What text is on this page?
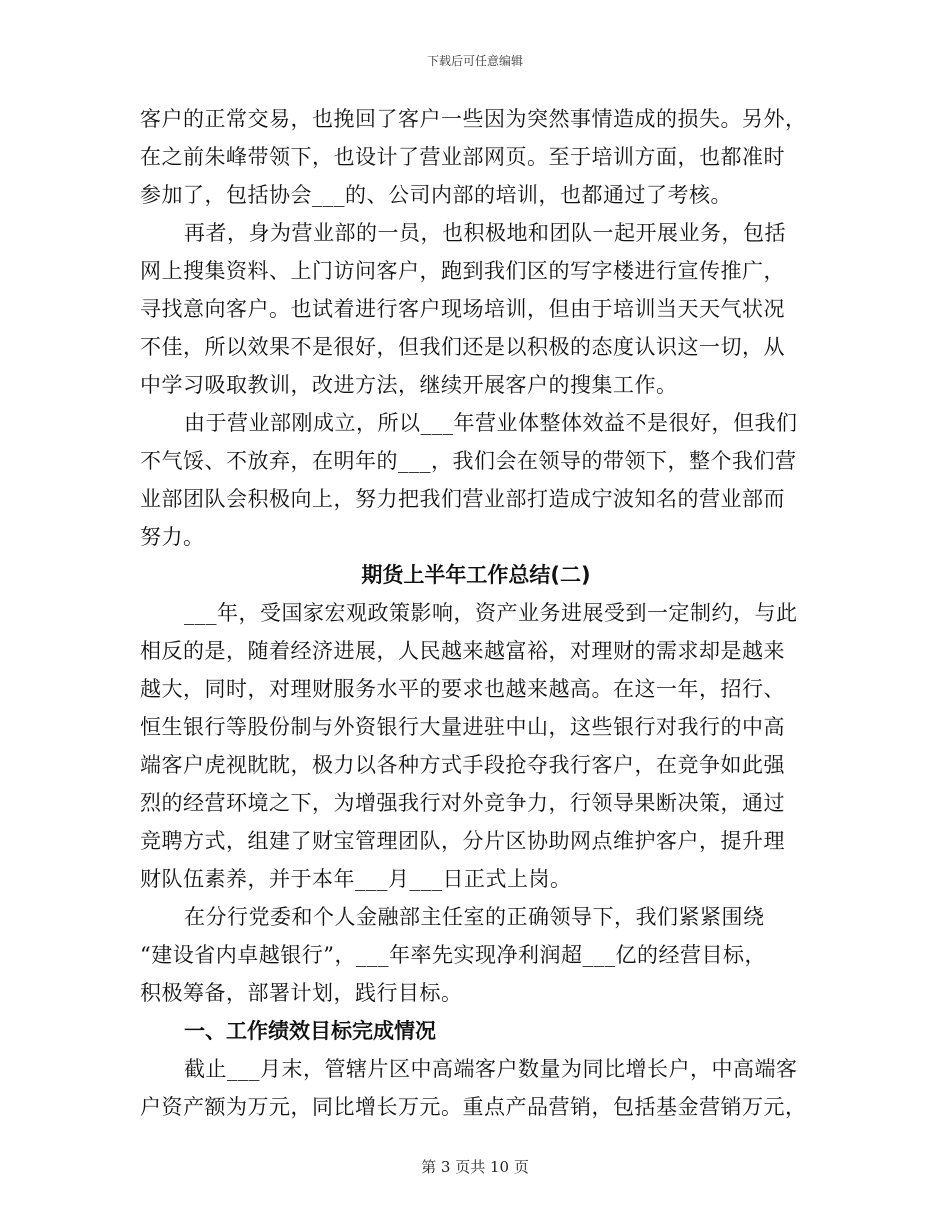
下载后可任意编辑
客户的正常交易，也挽回了客户一些因为突然事情造成的损失。另外，
在之前朱峰带领下，也设计了营业部网页。至于培训方面，也都准时
参加了，包括协会___的、公司内部的培训，也都通过了考核。
再者，身为营业部的一员，也积极地和团队一起开展业务，包括
网上搜集资料、上门访问客户，跑到我们区的写字楼进行宣传推广，
寻找意向客户。也试着进行客户现场培训，但由于培训当天天气状况
不佳，所以效果不是很好，但我们还是以积极的态度认识这一切，从
中学习吸取教训，改进方法，继续开展客户的搜集工作。
由于营业部刚成立，所以___年营业体整体效益不是很好，但我们
不气馁、不放弃，在明年的___，我们会在领导的带领下，整个我们营
业部团队会积极向上，努力把我们营业部打造成宁波知名的营业部而
努力。
期货上半年工作总结(二)
___年，受国家宏观政策影响，资产业务进展受到一定制约，与此
相反的是，随着经济进展，人民越来越富裕，对理财的需求却是越来
越大，同时，对理财服务水平的要求也越来越高。在这一年，招行、
恒生银行等股份制与外资银行大量进驻中山，这些银行对我行的中高
端客户虎视眈眈，极力以各种方式手段抢夺我行客户，在竞争如此强
烈的经营环境之下，为增强我行对外竞争力，行领导果断决策，通过
竞聘方式，组建了财宝管理团队，分片区协助网点维护客户，提升理
财队伍素养，并于本年___月___日正式上岗。
在分行党委和个人金融部主任室的正确领导下，我们紧紧围绕
“建设省内卓越银行”，___年率先实现净利润超___亿的经营目标，
积极筹备，部署计划，践行目标。
一、工作绩效目标完成情况
截止___月末，管辖片区中高端客户数量为同比增长户，中高端客
户资产额为万元，同比增长万元。重点产品营销，包括基金营销万元，
第 3 页共 10 页
